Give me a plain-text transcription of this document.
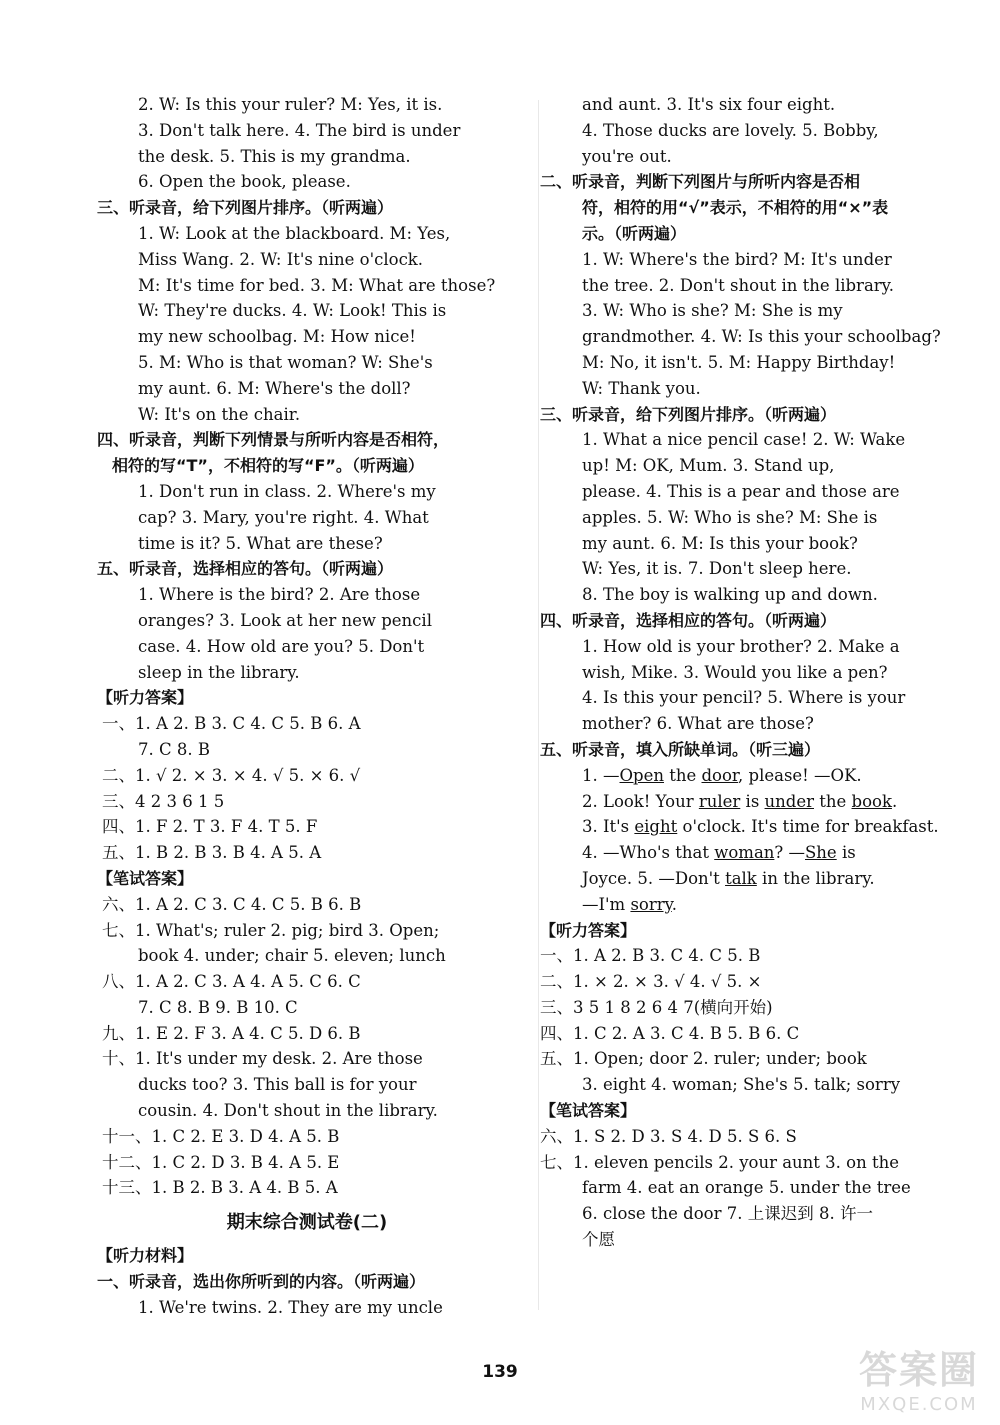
2. W: Is this your ruler? M: Yes, it is.
3. Don't talk here. 4. The bird is under
the desk. 5. This is my grandma.
6. Open the book, please.
三、听录音，给下列图片排序。（听两遍）
1. W: Look at the blackboard. M: Yes,
Miss Wang. 2. W: It's nine o'clock.
M: It's time for bed. 3. M: What are those?
W: They're ducks. 4. W: Look! This is
my new schoolbag. M: How nice!
5. M: Who is that woman? W: She's
my aunt. 6. M: Where's the doll?
W: It's on the chair.
四、听录音，判断下列情景与所听内容是否相符，
相符的写“T”，不相符的写“F”。（听两遍）
1. Don't run in class. 2. Where's my
cap? 3. Mary, you're right. 4. What
time is it? 5. What are these?
五、听录音，选择相应的答句。（听两遍）
1. Where is the bird? 2. Are those
oranges? 3. Look at her new pencil
case. 4. How old are you? 5. Don't
sleep in the library.
【听力答案】
一、1. A 2. B 3. C 4. C 5. B 6. A
7. C 8. B
二、1. √ 2. × 3. × 4. √ 5. × 6. √
三、4 2 3 6 1 5
四、1. F 2. T 3. F 4. T 5. F
五、1. B 2. B 3. B 4. A 5. A
【笔试答案】
六、1. A 2. C 3. C 4. C 5. B 6. B
七、1. What's; ruler 2. pig; bird 3. Open;
book 4. under; chair 5. eleven; lunch
八、1. A 2. C 3. A 4. A 5. C 6. C
7. C 8. B 9. B 10. C
九、1. E 2. F 3. A 4. C 5. D 6. B
十、1. It's under my desk. 2. Are those
ducks too? 3. This ball is for your
cousin. 4. Don't shout in the library.
十一、1. C 2. E 3. D 4. A 5. B
十二、1. C 2. D 3. B 4. A 5. E
十三、1. B 2. B 3. A 4. B 5. A
期末综合测试卷(二)
【听力材料】
一、听录音，选出你所听到的内容。（听两遍）
1. We're twins. 2. They are my uncle
and aunt. 3. It's six four eight.
4. Those ducks are lovely. 5. Bobby,
you're out.
二、听录音，判断下列图片与所听内容是否相
符，相符的用“√”表示，不相符的用“×”表
示。（听两遍）
1. W: Where's the bird? M: It's under
the tree. 2. Don't shout in the library.
3. W: Who is she? M: She is my
grandmother. 4. W: Is this your schoolbag?
M: No, it isn't. 5. M: Happy Birthday!
W: Thank you.
三、听录音，给下列图片排序。（听两遍）
1. What a nice pencil case! 2. W: Wake
up! M: OK, Mum. 3. Stand up,
please. 4. This is a pear and those are
apples. 5. W: Who is she? M: She is
my aunt. 6. M: Is this your book?
W: Yes, it is. 7. Don't sleep here.
8. The boy is walking up and down.
四、听录音，选择相应的答句。（听两遍）
1. How old is your brother? 2. Make a
wish, Mike. 3. Would you like a pen?
4. Is this your pencil? 5. Where is your
mother? 6. What are those?
五、听录音，填入所缺单词。（听三遍）
1. —Open the door, please! —OK.
2. Look! Your ruler is under the book.
3. It's eight o'clock. It's time for breakfast.
4. —Who's that woman? —She is
Joyce. 5. —Don't talk in the library.
—I'm sorry.
【听力答案】
一、1. A 2. B 3. C 4. C 5. B
二、1. × 2. × 3. √ 4. √ 5. ×
三、3 5 1 8 2 6 4 7(横向开始)
四、1. C 2. A 3. C 4. B 5. B 6. C
五、1. Open; door 2. ruler; under; book
3. eight 4. woman; She's 5. talk; sorry
【笔试答案】
六、1. S 2. D 3. S 4. D 5. S 6. S
七、1. eleven pencils 2. your aunt 3. on the
farm 4. eat an orange 5. under the tree
6. close the door 7. 上课迟到 8. 许一
个愿
139	答案圈
MXQE.COM
